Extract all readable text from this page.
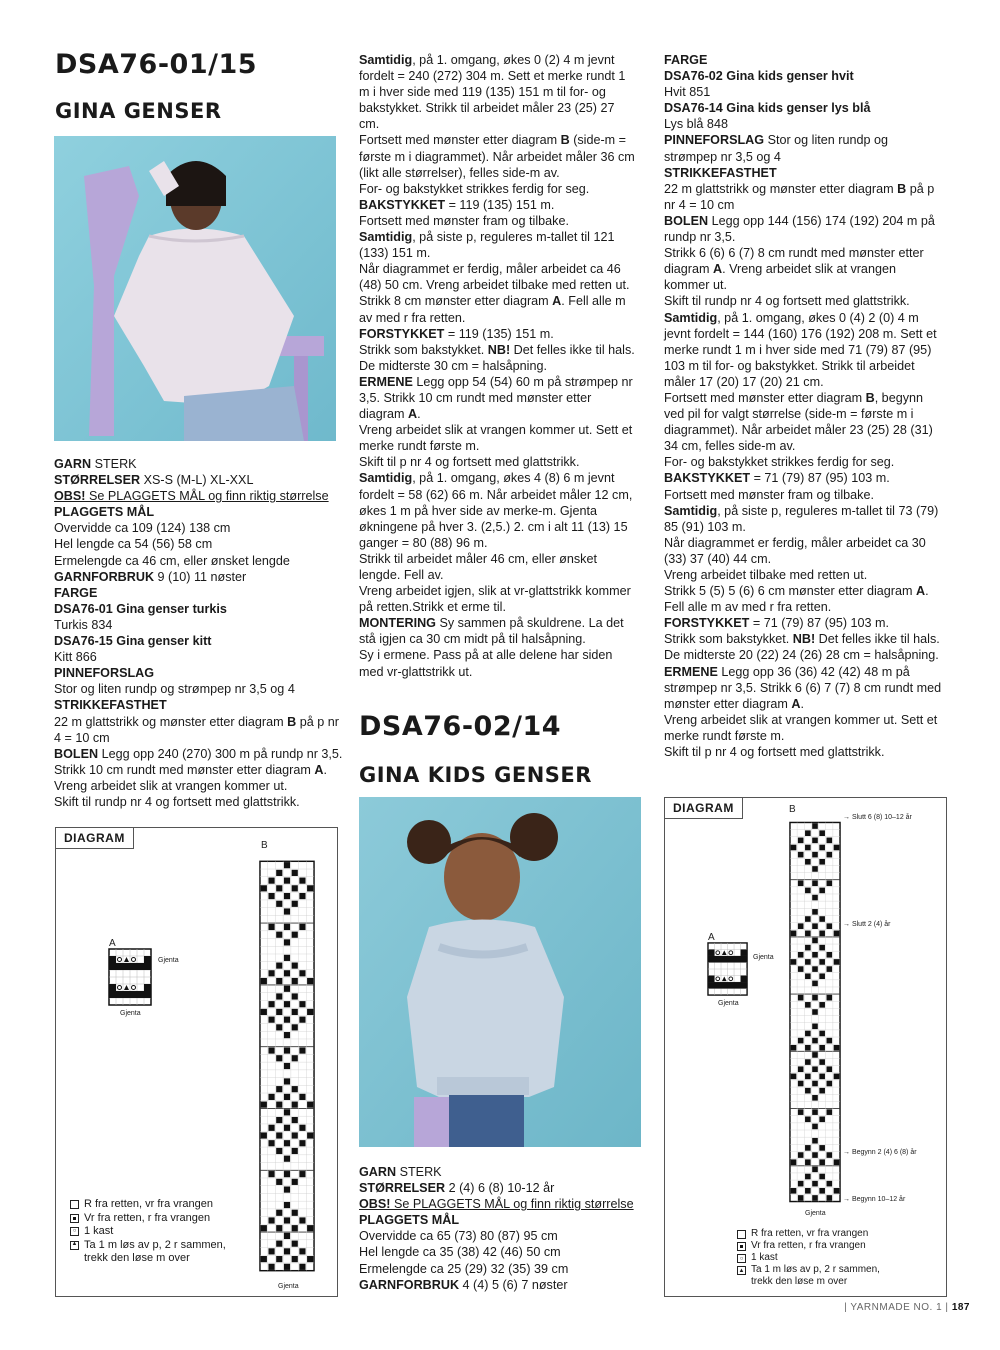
DSA76-01/15
GINA GENSER

GARN STERK

STØRRELSER XS-S (M-L) XL-XXL

OBS! Se PLAGGETS MÅL og finn riktig størrelse

PLAGGETS MÅL

Overvidde ca 109 (124) 138 cm

Hel lengde ca 54 (56) 58 cm

Ermelengde ca 46 cm, eller ønsket lengde

GARNFORBRUK 9 (10) 11 nøster

FARGE

DSA76-01 Gina genser turkis

Turkis 834

DSA76-15 Gina genser kitt

Kitt 866

PINNEFORSLAG

Stor og liten rundp og strømpep nr 3,5 og 4

STRIKKEFASTHET

22 m glattstrikk og mønster etter diagram B på p nr 4 = 10 cm

BOLEN Legg opp 240 (270) 300 m på rundp nr 3,5. Strikk 10 cm rundt med mønster etter diagram A.

Vreng arbeidet slik at vrangen kommer ut.

Skift til rundp nr 4 og fortsett med glattstrikk.

DIAGRAM
A
B
Gjenta
Gjenta
Gjenta
R fra retten, vr fra vrangen
Vr fra retten, r fra vrangen
○ 1 kast
▲ Ta 1 m løs av p, 2 r sammen,
trekk den løse m over

Samtidig, på 1. omgang, økes 0 (2) 4 m jevnt fordelt = 240 (272) 304 m. Sett et merke rundt 1 m i hver side med 119 (135) 151 m til for- og bakstykket. Strikk til arbeidet måler 23 (25) 27 cm.

Fortsett med mønster etter diagram B (side-m = første m i diagrammet). Når arbeidet måler 36 cm (likt alle størrelser), felles side-m av.

For- og bakstykket strikkes ferdig for seg.

BAKSTYKKET = 119 (135) 151 m.

Fortsett med mønster fram og tilbake.

Samtidig, på siste p, reguleres m-tallet til 121 (133) 151 m.

Når diagrammet er ferdig, måler arbeidet ca 46 (48) 50 cm. Vreng arbeidet tilbake med retten ut.

Strikk 8 cm mønster etter diagram A. Fell alle m av med r fra retten.

FORSTYKKET = 119 (135) 151 m.

Strikk som bakstykket. NB! Det felles ikke til hals. De midterste 30 cm = halsåpning.

ERMENE Legg opp 54 (54) 60 m på strømpep nr 3,5. Strikk 10 cm rundt med mønster etter diagram A.

Vreng arbeidet slik at vrangen kommer ut. Sett et merke rundt første m.

Skift til p nr 4 og fortsett med glattstrikk.

Samtidig, på 1. omgang, økes 4 (8) 6 m jevnt fordelt = 58 (62) 66 m. Når arbeidet måler 12 cm, økes 1 m på hver side av merke-m. Gjenta økningene på hver 3. (2,5.) 2. cm i alt 11 (13) 15 ganger = 80 (88) 96 m.

Strikk til arbeidet måler 46 cm, eller ønsket lengde. Fell av.

Vreng arbeidet igjen, slik at vr-glattstrikk kommer på retten.Strikk et erme til.

MONTERING Sy sammen på skuldrene. La det stå igjen ca 30 cm midt på til halsåpning.

Sy i ermene. Pass på at alle delene har siden med vr-glattstrikk ut.

DSA76-02/14
GINA KIDS GENSER

GARN STERK

STØRRELSER 2 (4) 6 (8) 10-12 år

OBS! Se PLAGGETS MÅL og finn riktig størrelse

PLAGGETS MÅL

Overvidde ca 65 (73) 80 (87) 95 cm

Hel lengde ca 35 (38) 42 (46) 50 cm

Ermelengde ca 25 (29) 32 (35) 39 cm

GARNFORBRUK 4 (4) 5 (6) 7 nøster

FARGE

DSA76-02 Gina kids genser hvit

Hvit 851

DSA76-14 Gina kids genser lys blå

Lys blå 848

PINNEFORSLAG Stor og liten rundp og strømpep nr 3,5 og 4

STRIKKEFASTHET

22 m glattstrikk og mønster etter diagram B på p nr 4 = 10 cm

BOLEN Legg opp 144 (156) 174 (192) 204 m på rundp nr 3,5.

Strikk 6 (6) 6 (7) 8 cm rundt med mønster etter diagram A. Vreng arbeidet slik at vrangen kommer ut.

Skift til rundp nr 4 og fortsett med glattstrikk.

Samtidig, på 1. omgang, økes 0 (4) 2 (0) 4 m jevnt fordelt = 144 (160) 176 (192) 208 m. Sett et merke rundt 1 m i hver side med 71 (79) 87 (95) 103 m til for- og bakstykket. Strikk til arbeidet måler 17 (20) 17 (20) 21 cm.

Fortsett med mønster etter diagram B, begynn ved pil for valgt størrelse (side-m = første m i diagrammet). Når arbeidet måler 23 (25) 28 (31) 34 cm, felles side-m av.

For- og bakstykket strikkes ferdig for seg.

BAKSTYKKET = 71 (79) 87 (95) 103 m.

Fortsett med mønster fram og tilbake.

Samtidig, på siste p, reguleres m-tallet til 73 (79) 85 (91) 103 m.

Når diagrammet er ferdig, måler arbeidet ca 30 (33) 37 (40) 44 cm.

Vreng arbeidet tilbake med retten ut.

Strikk 5 (5) 5 (6) 6 cm mønster etter diagram A. Fell alle m av med r fra retten.

FORSTYKKET = 71 (79) 87 (95) 103 m.

Strikk som bakstykket. NB! Det felles ikke til hals. De midterste 20 (22) 24 (26) 28 cm = halsåpning.

ERMENE Legg opp 36 (36) 42 (42) 48 m på strømpep nr 3,5. Strikk 6 (6) 7 (7) 8 cm rundt med mønster etter diagram A.

Vreng arbeidet slik at vrangen kommer ut. Sett et merke rundt første m.

Skift til p nr 4 og fortsett med glattstrikk.

DIAGRAM
A
B
Gjenta
Gjenta
Gjenta
→ Slutt 6 (8) 10–12 år
→ Slutt 2 (4) år
→ Begynn 2 (4) 6 (8) år
→ Begynn 10–12 år
R fra retten, vr fra vrangen
Vr fra retten, r fra vrangen
○ 1 kast
▲ Ta 1 m løs av p, 2 r sammen,
trekk den løse m over
| YARNMADE NO. 1 | 187
